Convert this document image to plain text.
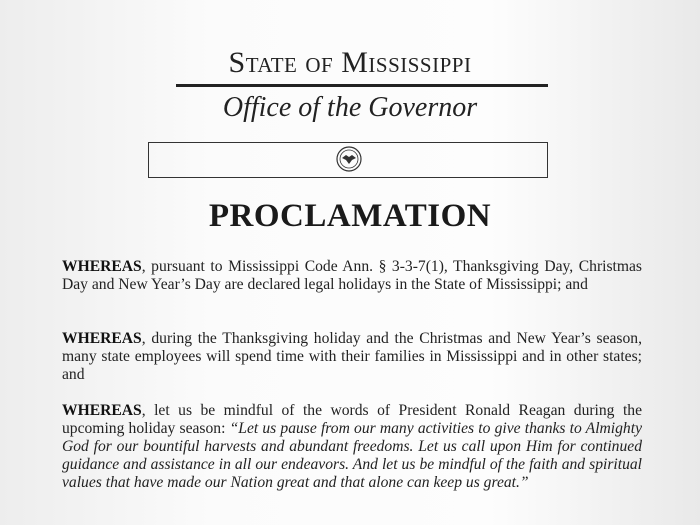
State of Mississippi
Office of the Governor
PROCLAMATION
WHEREAS, pursuant to Mississippi Code Ann. § 3-3-7(1), Thanksgiving Day, Christmas Day and New Year’s Day are declared legal holidays in the State of Mississippi; and
WHEREAS, during the Thanksgiving holiday and the Christmas and New Year’s season, many state employees will spend time with their families in Mississippi and in other states; and
WHEREAS, let us be mindful of the words of President Ronald Reagan during the upcoming holiday season: “Let us pause from our many activities to give thanks to Almighty God for our bountiful harvests and abundant freedoms. Let us call upon Him for continued guidance and assistance in all our endeavors. And let us be mindful of the faith and spiritual values that have made our Nation great and that alone can keep us great.”
